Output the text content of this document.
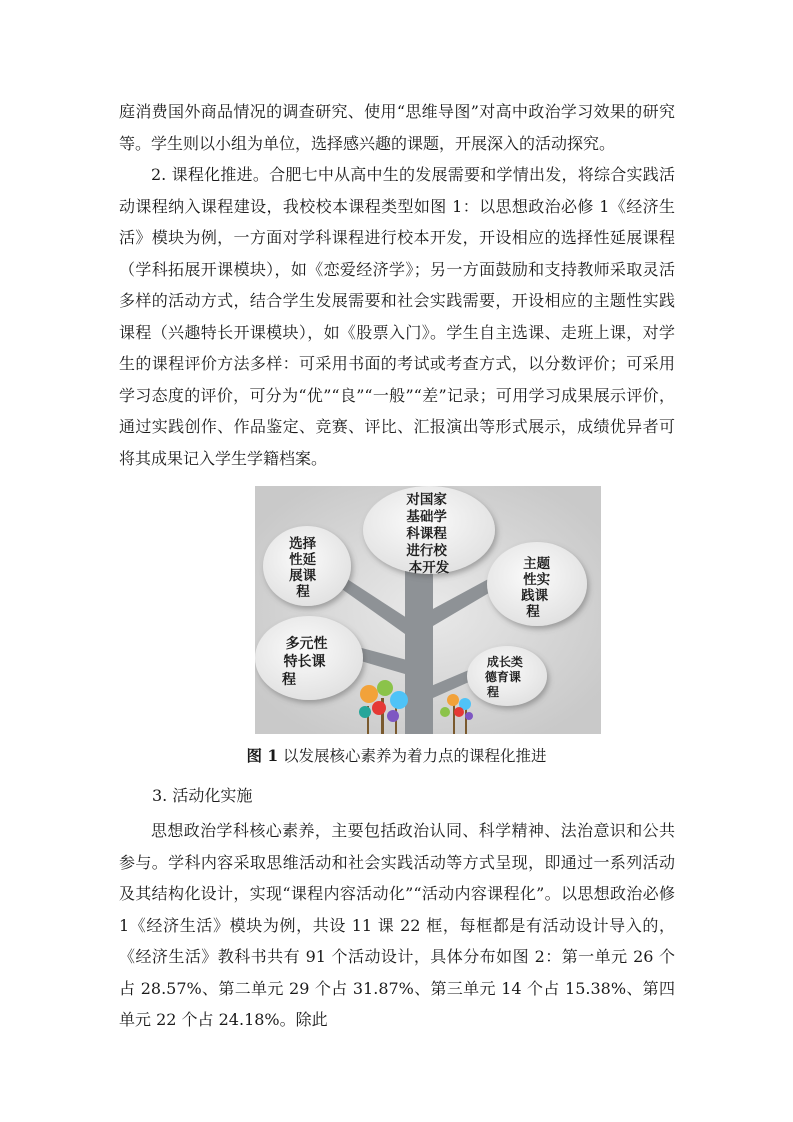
庭消费国外商品情况的调查研究、使用“思维导图”对高中政治学习效果的研究等。学生则以小组为单位，选择感兴趣的课题，开展深入的活动探究。

2. 课程化推进。合肥七中从高中生的发展需要和学情出发，将综合实践活动课程纳入课程建设，我校校本课程类型如图 1：以思想政治必修 1《经济生活》模块为例，一方面对学科课程进行校本开发，开设相应的选择性延展课程（学科拓展开课模块），如《恋爱经济学》；另一方面鼓励和支持教师采取灵活多样的活动方式，结合学生发展需要和社会实践需要，开设相应的主题性实践课程（兴趣特长开课模块），如《股票入门》。学生自主选课、走班上课，对学生的课程评价方法多样：可采用书面的考试或考查方式，以分数评价；可采用学习态度的评价，可分为“优”“良”“一般”“差”记录；可用学习成果展示评价，通过实践创作、作品鉴定、竞赛、评比、汇报演出等形式展示，成绩优异者可将其成果记入学生学籍档案。

对国家 基础学 科课程 进行校 本开发
选择 性延 展课 程
主题 性实 践课 程
多元性 特长课 程
成长类 德育课 程
图 1 以发展核心素养为着力点的课程化推进
3. 活动化实施

思想政治学科核心素养，主要包括政治认同、科学精神、法治意识和公共参与。学科内容采取思维活动和社会实践活动等方式呈现，即通过一系列活动及其结构化设计，实现“课程内容活动化”“活动内容课程化”。以思想政治必修 1《经济生活》模块为例，共设 11 课 22 框，每框都是有活动设计导入的，《经济生活》教科书共有 91 个活动设计，具体分布如图 2：第一单元 26 个占 28.57%、第二单元 29 个占 31.87%、第三单元 14 个占 15.38%、第四单元 22 个占 24.18%。除此
